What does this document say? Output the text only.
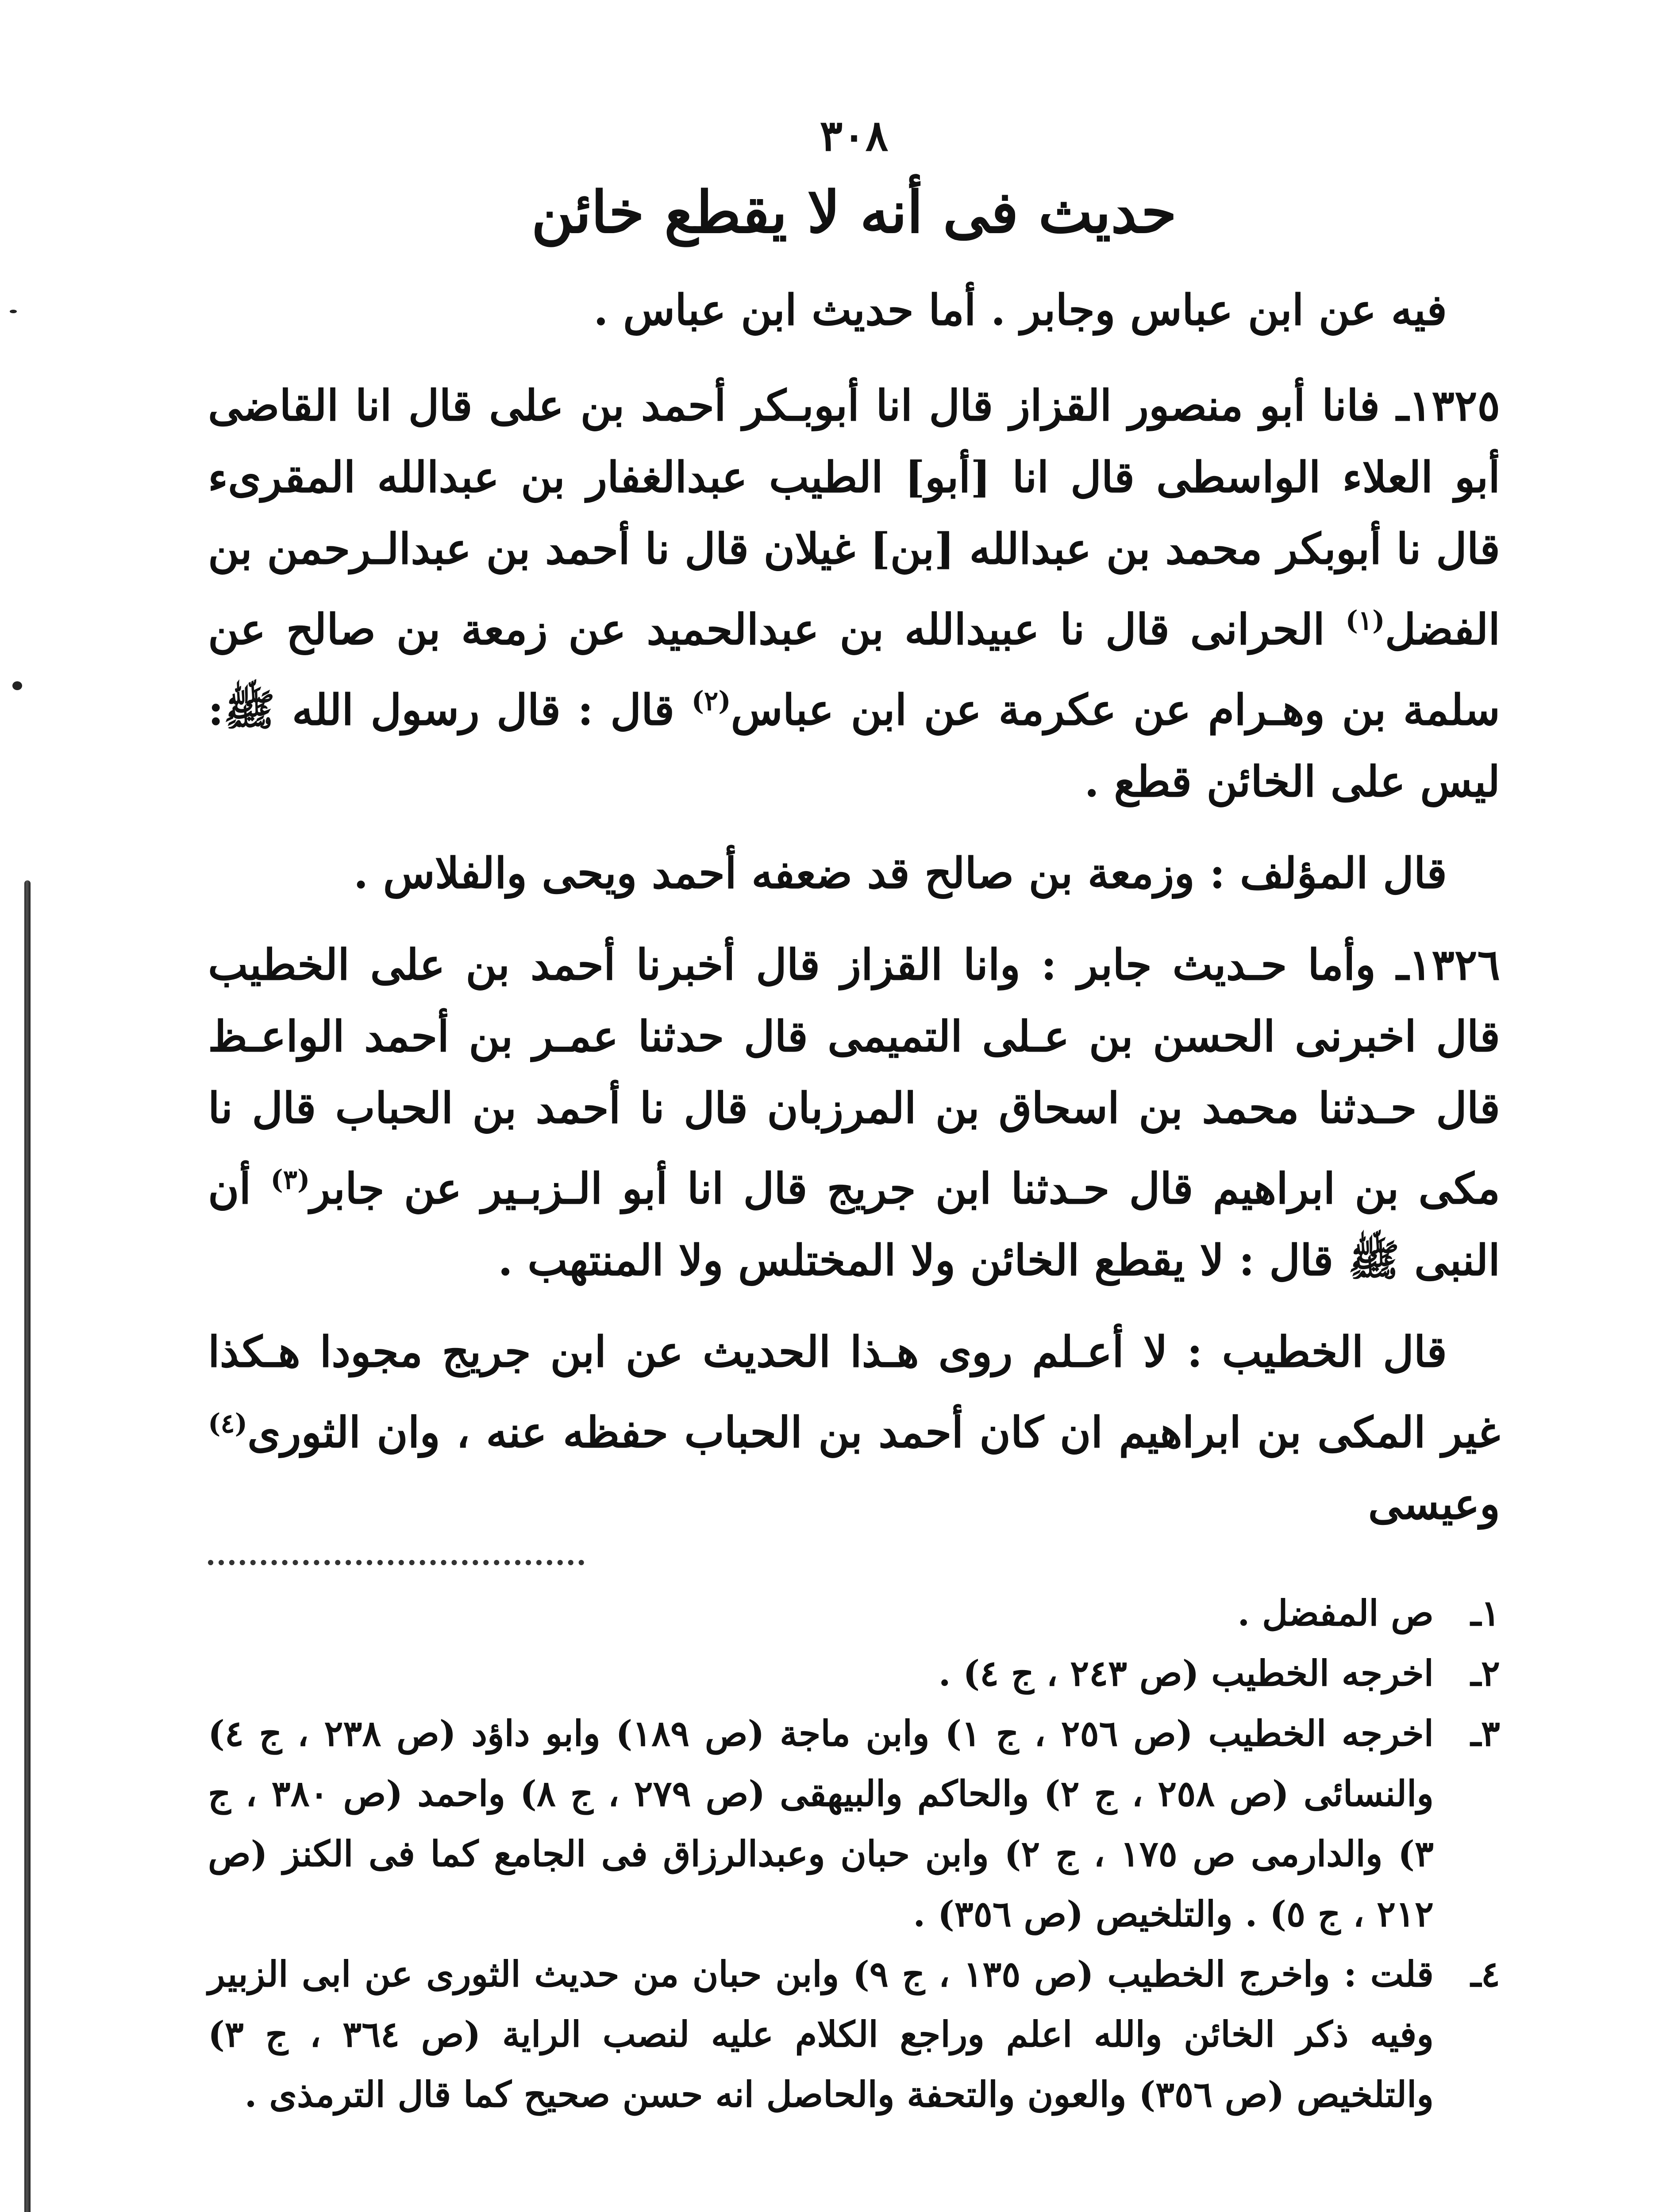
٣٠٨
حديث فى أنه لا يقطع خائن
فيه عن ابن عباس وجابر . أما حديث ابن عباس .

١٣٢٥ـ فانا أبو منصور القزاز قال انا أبوبـكر أحمد بن على قال انا القاضى أبو العلاء الواسطى قال انا [أبو] الطيب عبدالغفار بن عبدالله المقرىء قال نا أبوبكر محمد بن عبدالله [بن] غيلان قال نا أحمد بن عبدالـرحمن بن الفضل$^{(١)}$ الحرانى قال نا عبيدالله بن عبدالحميد عن زمعة بن صالح عن سلمة بن وهـرام عن عكرمة عن ابن عباس$^{(٢)}$ قال : قال رسول الله ﷺ: ليس على الخائن قطع .

قال المؤلف : وزمعة بن صالح قد ضعفه أحمد ويحى والفلاس .

١٣٢٦ـ وأما حـديث جابر : وانا القزاز قال أخبرنا أحمد بن على الخطيب قال اخبرنى الحسن بن عـلى التميمى قال حدثنا عمـر بن أحمد الواعـظ قال حـدثنا محمد بن اسحاق بن المرزبان قال نا أحمد بن الحباب قال نا مكى بن ابراهيم قال حـدثنا ابن جريج قال انا أبو الـزبـير عن جابر$^{(٣)}$ أن النبى ﷺ قال : لا يقطع الخائن ولا المختلس ولا المنتهب .

قال الخطيب : لا أعـلم روى هـذا الحديث عن ابن جريج مجودا هـكذا غير المكى بن ابراهيم ان كان أحمد بن الحباب حفظه عنه ، وان الثورى$^{(٤)}$ وعيسى

١ـ
ص المفضل .

٢ـ
اخرجه الخطيب (ص ٢٤٣ ، ج ٤) .

٣ـ
اخرجه الخطيب (ص ٢٥٦ ، ج ١) وابن ماجة (ص ١٨٩) وابو داؤد (ص ٢٣٨ ، ج ٤) والنسائى (ص ٢٥٨ ، ج ٢) والحاكم والبيهقى (ص ٢٧٩ ، ج ٨) واحمد (ص ٣٨٠ ، ج ٣) والدارمى ص ١٧٥ ، ج ٢) وابن حبان وعبدالرزاق فى الجامع كما فى الكنز (ص ٢١٢ ، ج ٥) . والتلخيص (ص ٣٥٦) .

٤ـ
قلت : واخرج الخطيب (ص ١٣٥ ، ج ٩) وابن حبان من حديث الثورى عن ابى الزبير وفيه ذكر الخائن والله اعلم وراجع الكلام عليه لنصب الراية (ص ٣٦٤ ، ج ٣) والتلخيص (ص ٣٥٦) والعون والتحفة والحاصل انه حسن صحيح كما قال الترمذى .
